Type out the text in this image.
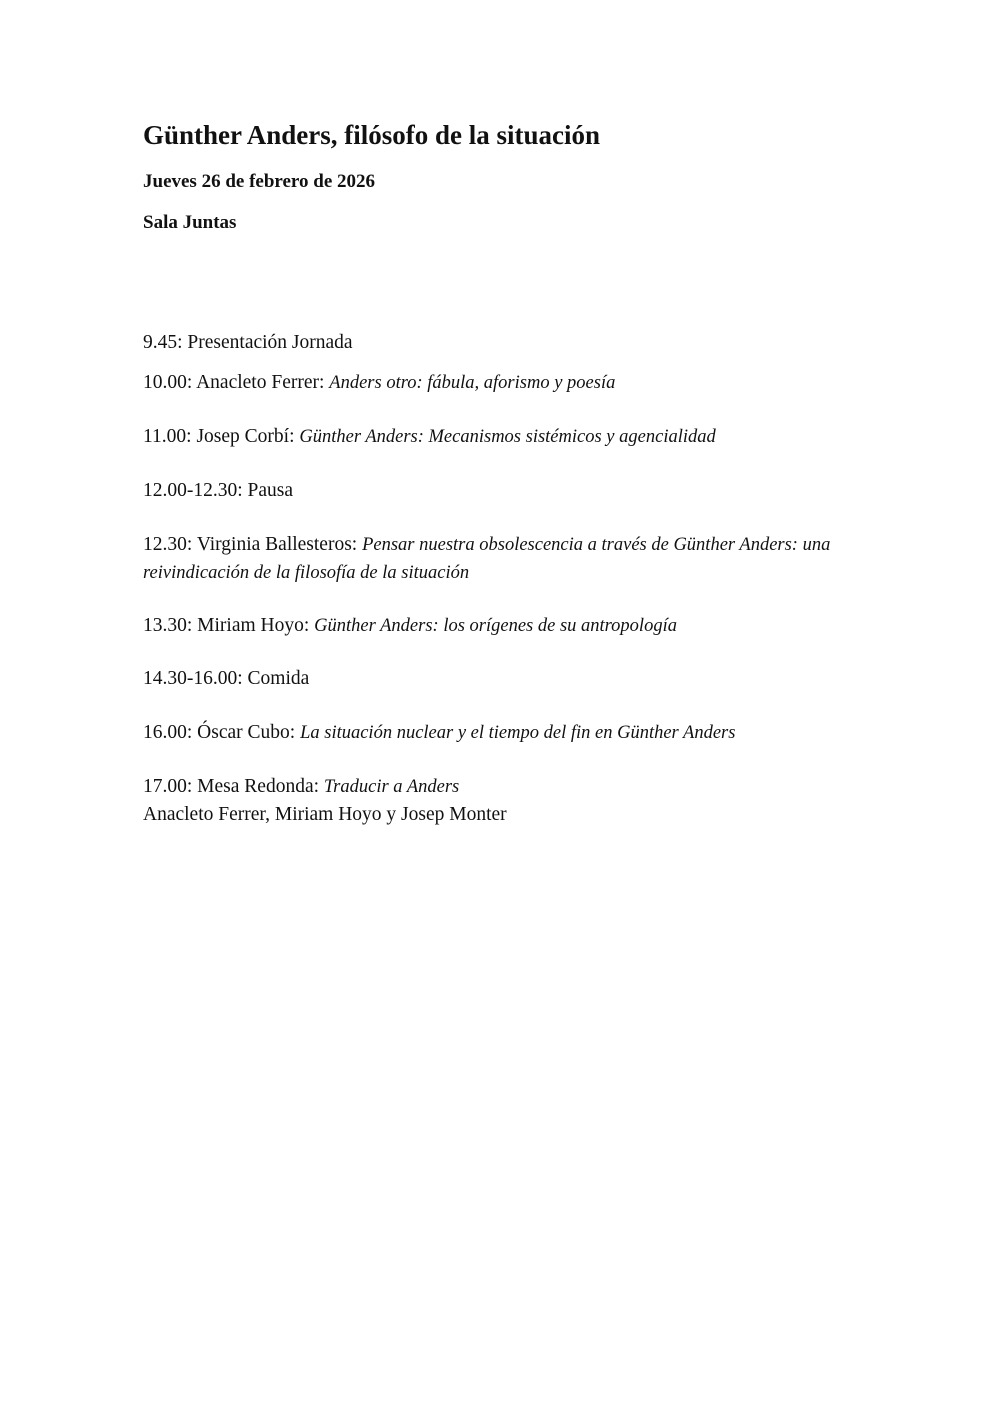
Günther Anders, filósofo de la situación

Jueves 26 de febrero de 2026

Sala Juntas

9.45: Presentación Jornada
10.00: Anacleto Ferrer: Anders otro: fábula, aforismo y poesía
11.00: Josep Corbí: Günther Anders: Mecanismos sistémicos y agencialidad
12.00-12.30: Pausa
12.30: Virginia Ballesteros: Pensar nuestra obsolescencia a través de Günther Anders: una reivindicación de la filosofía de la situación
13.30: Miriam Hoyo: Günther Anders: los orígenes de su antropología
14.30-16.00: Comida
16.00: Óscar Cubo: La situación nuclear y el tiempo del fin en Günther Anders
17.00: Mesa Redonda: Traducir a Anders
Anacleto Ferrer, Miriam Hoyo y Josep Monter
